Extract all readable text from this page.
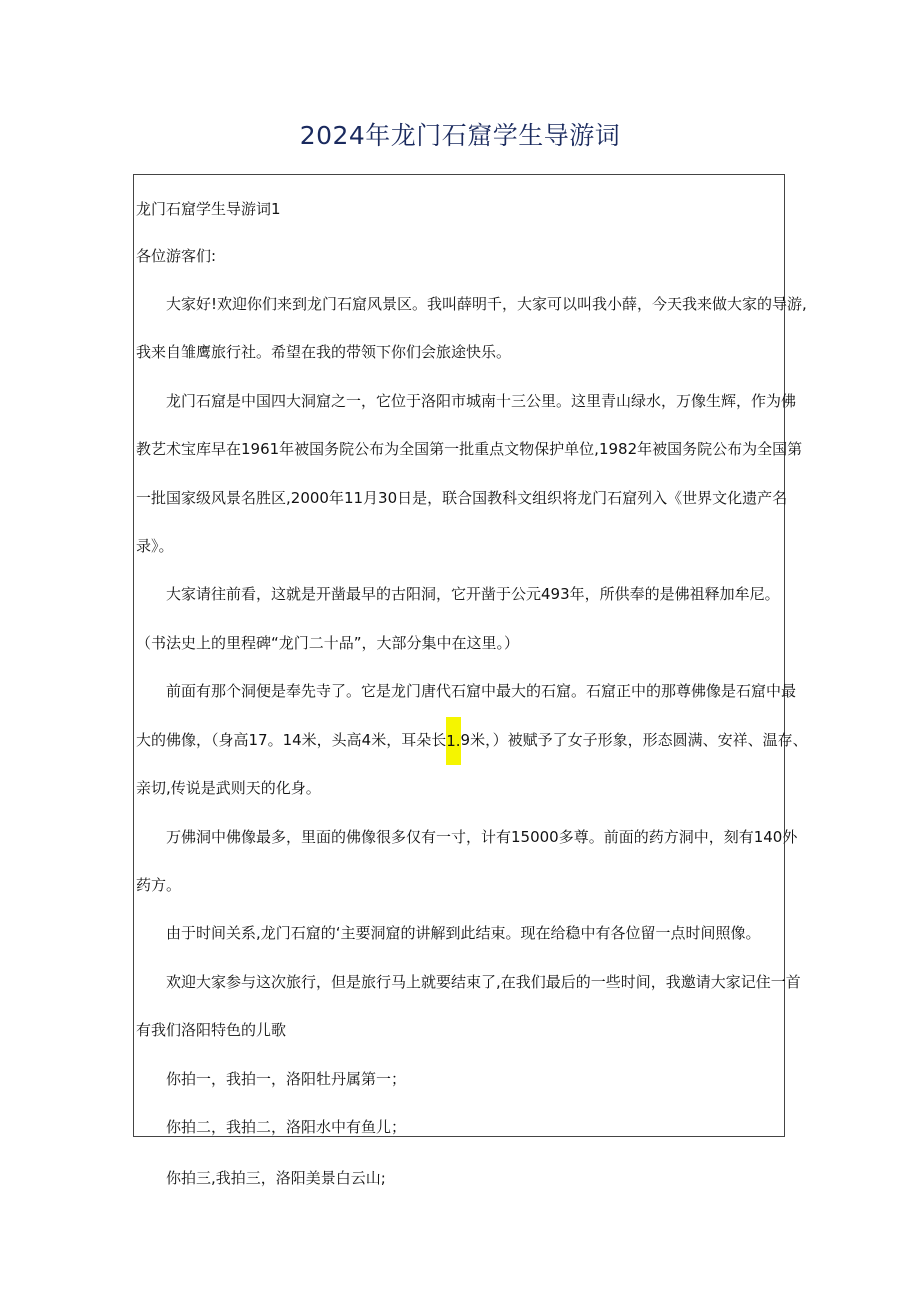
2024年龙门石窟学生导游词
龙门石窟学生导游词1
各位游客们:
大家好!欢迎你们来到龙门石窟风景区。我叫薛明千，大家可以叫我小薛，今天我来做大家的导游,
我来自雏鹰旅行社。希望在我的带领下你们会旅途快乐。
龙门石窟是中国四大洞窟之一，它位于洛阳市城南十三公里。这里青山绿水，万像生辉，作为佛
教艺术宝库早在1961年被国务院公布为全国第一批重点文物保护单位,1982年被国务院公布为全国第
一批国家级风景名胜区,2000年11月30日是，联合国教科文组织将龙门石窟列入《世界文化遗产名
录》。
大家请往前看，这就是开凿最早的古阳洞，它开凿于公元493年，所供奉的是佛祖释加牟尼。
（书法史上的里程碑“龙门二十品”，大部分集中在这里。）
前面有那个洞便是奉先寺了。它是龙门唐代石窟中最大的石窟。石窟正中的那尊佛像是石窟中最
大的佛像，（身高17。14米，头高4米，耳朵长1.9米，）被赋予了女子形象，形态圆满、安祥、温存、
亲切,传说是武则天的化身。
万佛洞中佛像最多，里面的佛像很多仅有一寸，计有15000多尊。前面的药方洞中，刻有140外
药方。
由于时间关系,龙门石窟的‘主要洞窟的讲解到此结束。现在给稳中有各位留一点时间照像。
欢迎大家参与这次旅行，但是旅行马上就要结束了,在我们最后的一些时间，我邀请大家记住一首
有我们洛阳特色的儿歌
你拍一，我拍一，洛阳牡丹属第一；
你拍二，我拍二，洛阳水中有鱼儿；
你拍三,我拍三，洛阳美景白云山;
